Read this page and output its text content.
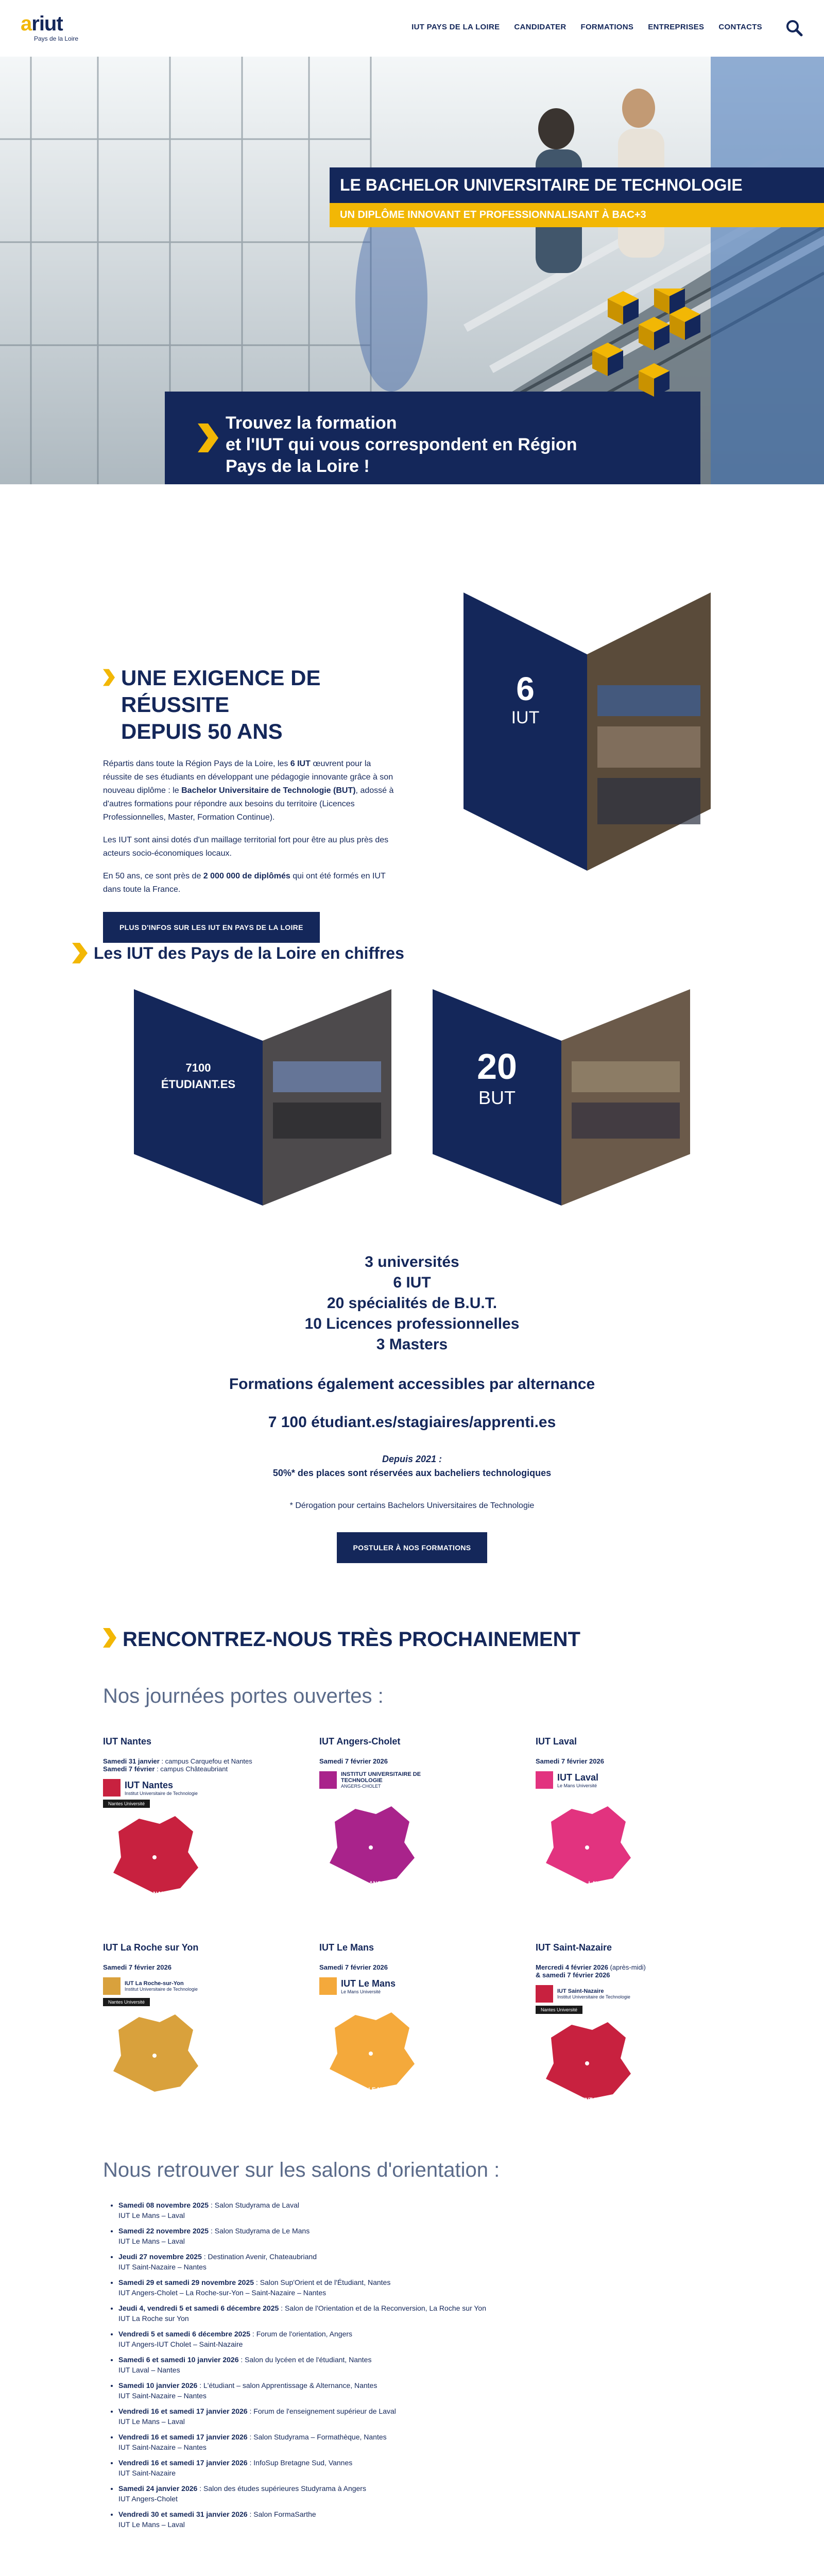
ariut
Pays de la Loire
IUT PAYS DE LA LOIRE CANDIDATER FORMATIONS ENTREPRISES CONTACTS
LE BACHELOR UNIVERSITAIRE DE TECHNOLOGIE UN DIPLÔME INNOVANT ET PROFESSIONNALISANT À BAC+3
Trouvez la formation
et l'IUT qui vous correspondent en Région
Pays de la Loire !
UNE EXIGENCE DE RÉUSSITE
DEPUIS 50 ANS

Répartis dans toute la Région Pays de la Loire, les 6 IUT œuvrent pour la réussite de ses étudiants en développant une pédagogie innovante grâce à son nouveau diplôme : le Bachelor Universitaire de Technologie (BUT), adossé à d'autres formations pour répondre aux besoins du territoire (Licences Professionnelles, Master, Formation Continue).

Les IUT sont ainsi dotés d'un maillage territorial fort pour être au plus près des acteurs socio-économiques locaux.

En 50 ans, ce sont près de 2 000 000 de diplômés qui ont été formés en IUT dans toute la France.

PLUS D'INFOS SUR LES IUT EN PAYS DE LA LOIRE
6
IUT
Les IUT des Pays de la Loire en chiffres
7100
ÉTUDIANT.ES	20
BUT
3 universités
6 IUT
20 spécialités de B.U.T.
10 Licences professionnelles
3 Masters
Formations également accessibles par alternance
7 100 étudiant.es/stagiaires/apprenti.es
Depuis 2021 :
50%* des places sont réservées aux bacheliers technologiques
* Dérogation pour certains Bachelors Universitaires de Technologie
POSTULER À NOS FORMATIONS
RENCONTREZ-NOUS TRÈS PROCHAINEMENT
Nos journées portes ouvertes :
IUT Nantes
Samedi 31 janvier : campus Carquefou et Nantes
Samedi 7 février : campus Châteaubriant
IUT Nantes
Institut Universitaire de Technologie
Nantes Université
NANTES
IUT Angers-Cholet
Samedi 7 février 2026
INSTITUT UNIVERSITAIRE DE TECHNOLOGIE
ANGERS-CHOLET
ANGERS
IUT Laval
Samedi 7 février 2026
IUT Laval
Le Mans Université
LAVAL
IUT La Roche sur Yon
Samedi 7 février 2026
IUT La Roche-sur-Yon
Institut Universitaire de Technologie
Nantes Université
LA ROCHE-SUR-YON
IUT Le Mans
Samedi 7 février 2026
IUT Le Mans
Le Mans Université
LE MANS
IUT Saint-Nazaire
Mercredi 4 février 2026 (après-midi)
& samedi 7 février 2026
IUT Saint-Nazaire
Institut Universitaire de Technologie
Nantes Université
SAINT-NAZAIRE
Nous retrouver sur les salons d'orientation :
• Samedi 08 novembre 2025 : Salon Studyrama de Laval
IUT Le Mans – Laval
• Samedi 22 novembre 2025 : Salon Studyrama de Le Mans
IUT Le Mans – Laval
• Jeudi 27 novembre 2025 : Destination Avenir, Chateaubriand
IUT Saint-Nazaire – Nantes
• Samedi 29 et samedi 29 novembre 2025 : Salon Sup'Orient et de l'Étudiant, Nantes
IUT Angers-Cholet – La Roche-sur-Yon – Saint-Nazaire – Nantes
• Jeudi 4, vendredi 5 et samedi 6 décembre 2025 : Salon de l'Orientation et de la Reconversion, La Roche sur Yon
IUT La Roche sur Yon
• Vendredi 5 et samedi 6 décembre 2025 : Forum de l'orientation, Angers
IUT Angers-IUT Cholet – Saint-Nazaire
• Samedi 6 et samedi 10 janvier 2026 : Salon du lycéen et de l'étudiant, Nantes
IUT Laval – Nantes
• Samedi 10 janvier 2026 : L'étudiant – salon Apprentissage & Alternance, Nantes
IUT Saint-Nazaire – Nantes
• Vendredi 16 et samedi 17 janvier 2026 : Forum de l'enseignement supérieur de Laval
IUT Le Mans – Laval
• Vendredi 16 et samedi 17 janvier 2026 : Salon Studyrama – Formathèque, Nantes
IUT Saint-Nazaire – Nantes
• Vendredi 16 et samedi 17 janvier 2026 : InfoSup Bretagne Sud, Vannes
IUT Saint-Nazaire
• Samedi 24 janvier 2026 : Salon des études supérieures Studyrama à Angers
IUT Angers-Cholet
• Vendredi 30 et samedi 31 janvier 2026 : Salon FormaSarthe
IUT Le Mans – Laval
